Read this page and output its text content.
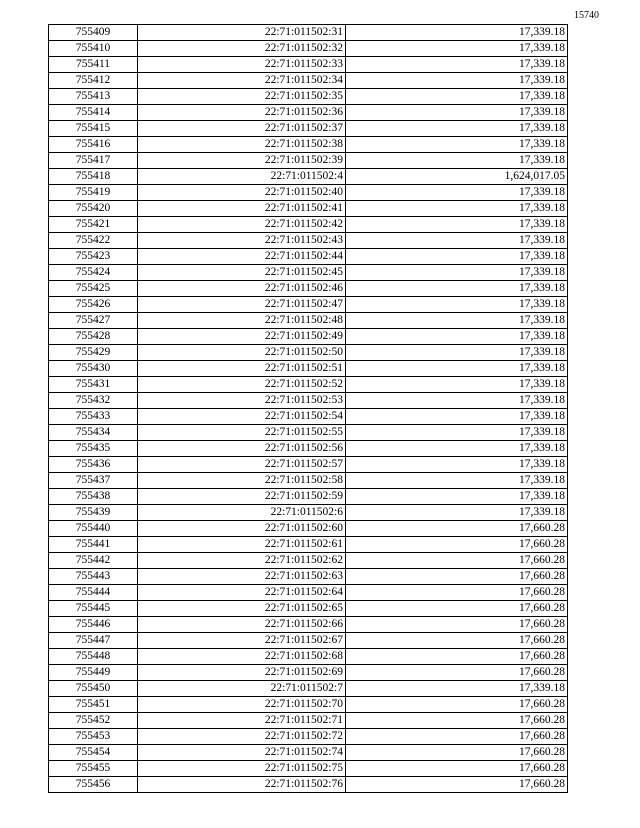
15740
755409	22:71:011502:31	17,339.18
755410	22:71:011502:32	17,339.18
755411	22:71:011502:33	17,339.18
755412	22:71:011502:34	17,339.18
755413	22:71:011502:35	17,339.18
755414	22:71:011502:36	17,339.18
755415	22:71:011502:37	17,339.18
755416	22:71:011502:38	17,339.18
755417	22:71:011502:39	17,339.18
755418	22:71:011502:4	1,624,017.05
755419	22:71:011502:40	17,339.18
755420	22:71:011502:41	17,339.18
755421	22:71:011502:42	17,339.18
755422	22:71:011502:43	17,339.18
755423	22:71:011502:44	17,339.18
755424	22:71:011502:45	17,339.18
755425	22:71:011502:46	17,339.18
755426	22:71:011502:47	17,339.18
755427	22:71:011502:48	17,339.18
755428	22:71:011502:49	17,339.18
755429	22:71:011502:50	17,339.18
755430	22:71:011502:51	17,339.18
755431	22:71:011502:52	17,339.18
755432	22:71:011502:53	17,339.18
755433	22:71:011502:54	17,339.18
755434	22:71:011502:55	17,339.18
755435	22:71:011502:56	17,339.18
755436	22:71:011502:57	17,339.18
755437	22:71:011502:58	17,339.18
755438	22:71:011502:59	17,339.18
755439	22:71:011502:6	17,339.18
755440	22:71:011502:60	17,660.28
755441	22:71:011502:61	17,660.28
755442	22:71:011502:62	17,660.28
755443	22:71:011502:63	17,660.28
755444	22:71:011502:64	17,660.28
755445	22:71:011502:65	17,660.28
755446	22:71:011502:66	17,660.28
755447	22:71:011502:67	17,660.28
755448	22:71:011502:68	17,660.28
755449	22:71:011502:69	17,660.28
755450	22:71:011502:7	17,339.18
755451	22:71:011502:70	17,660.28
755452	22:71:011502:71	17,660.28
755453	22:71:011502:72	17,660.28
755454	22:71:011502:74	17,660.28
755455	22:71:011502:75	17,660.28
755456	22:71:011502:76	17,660.28
